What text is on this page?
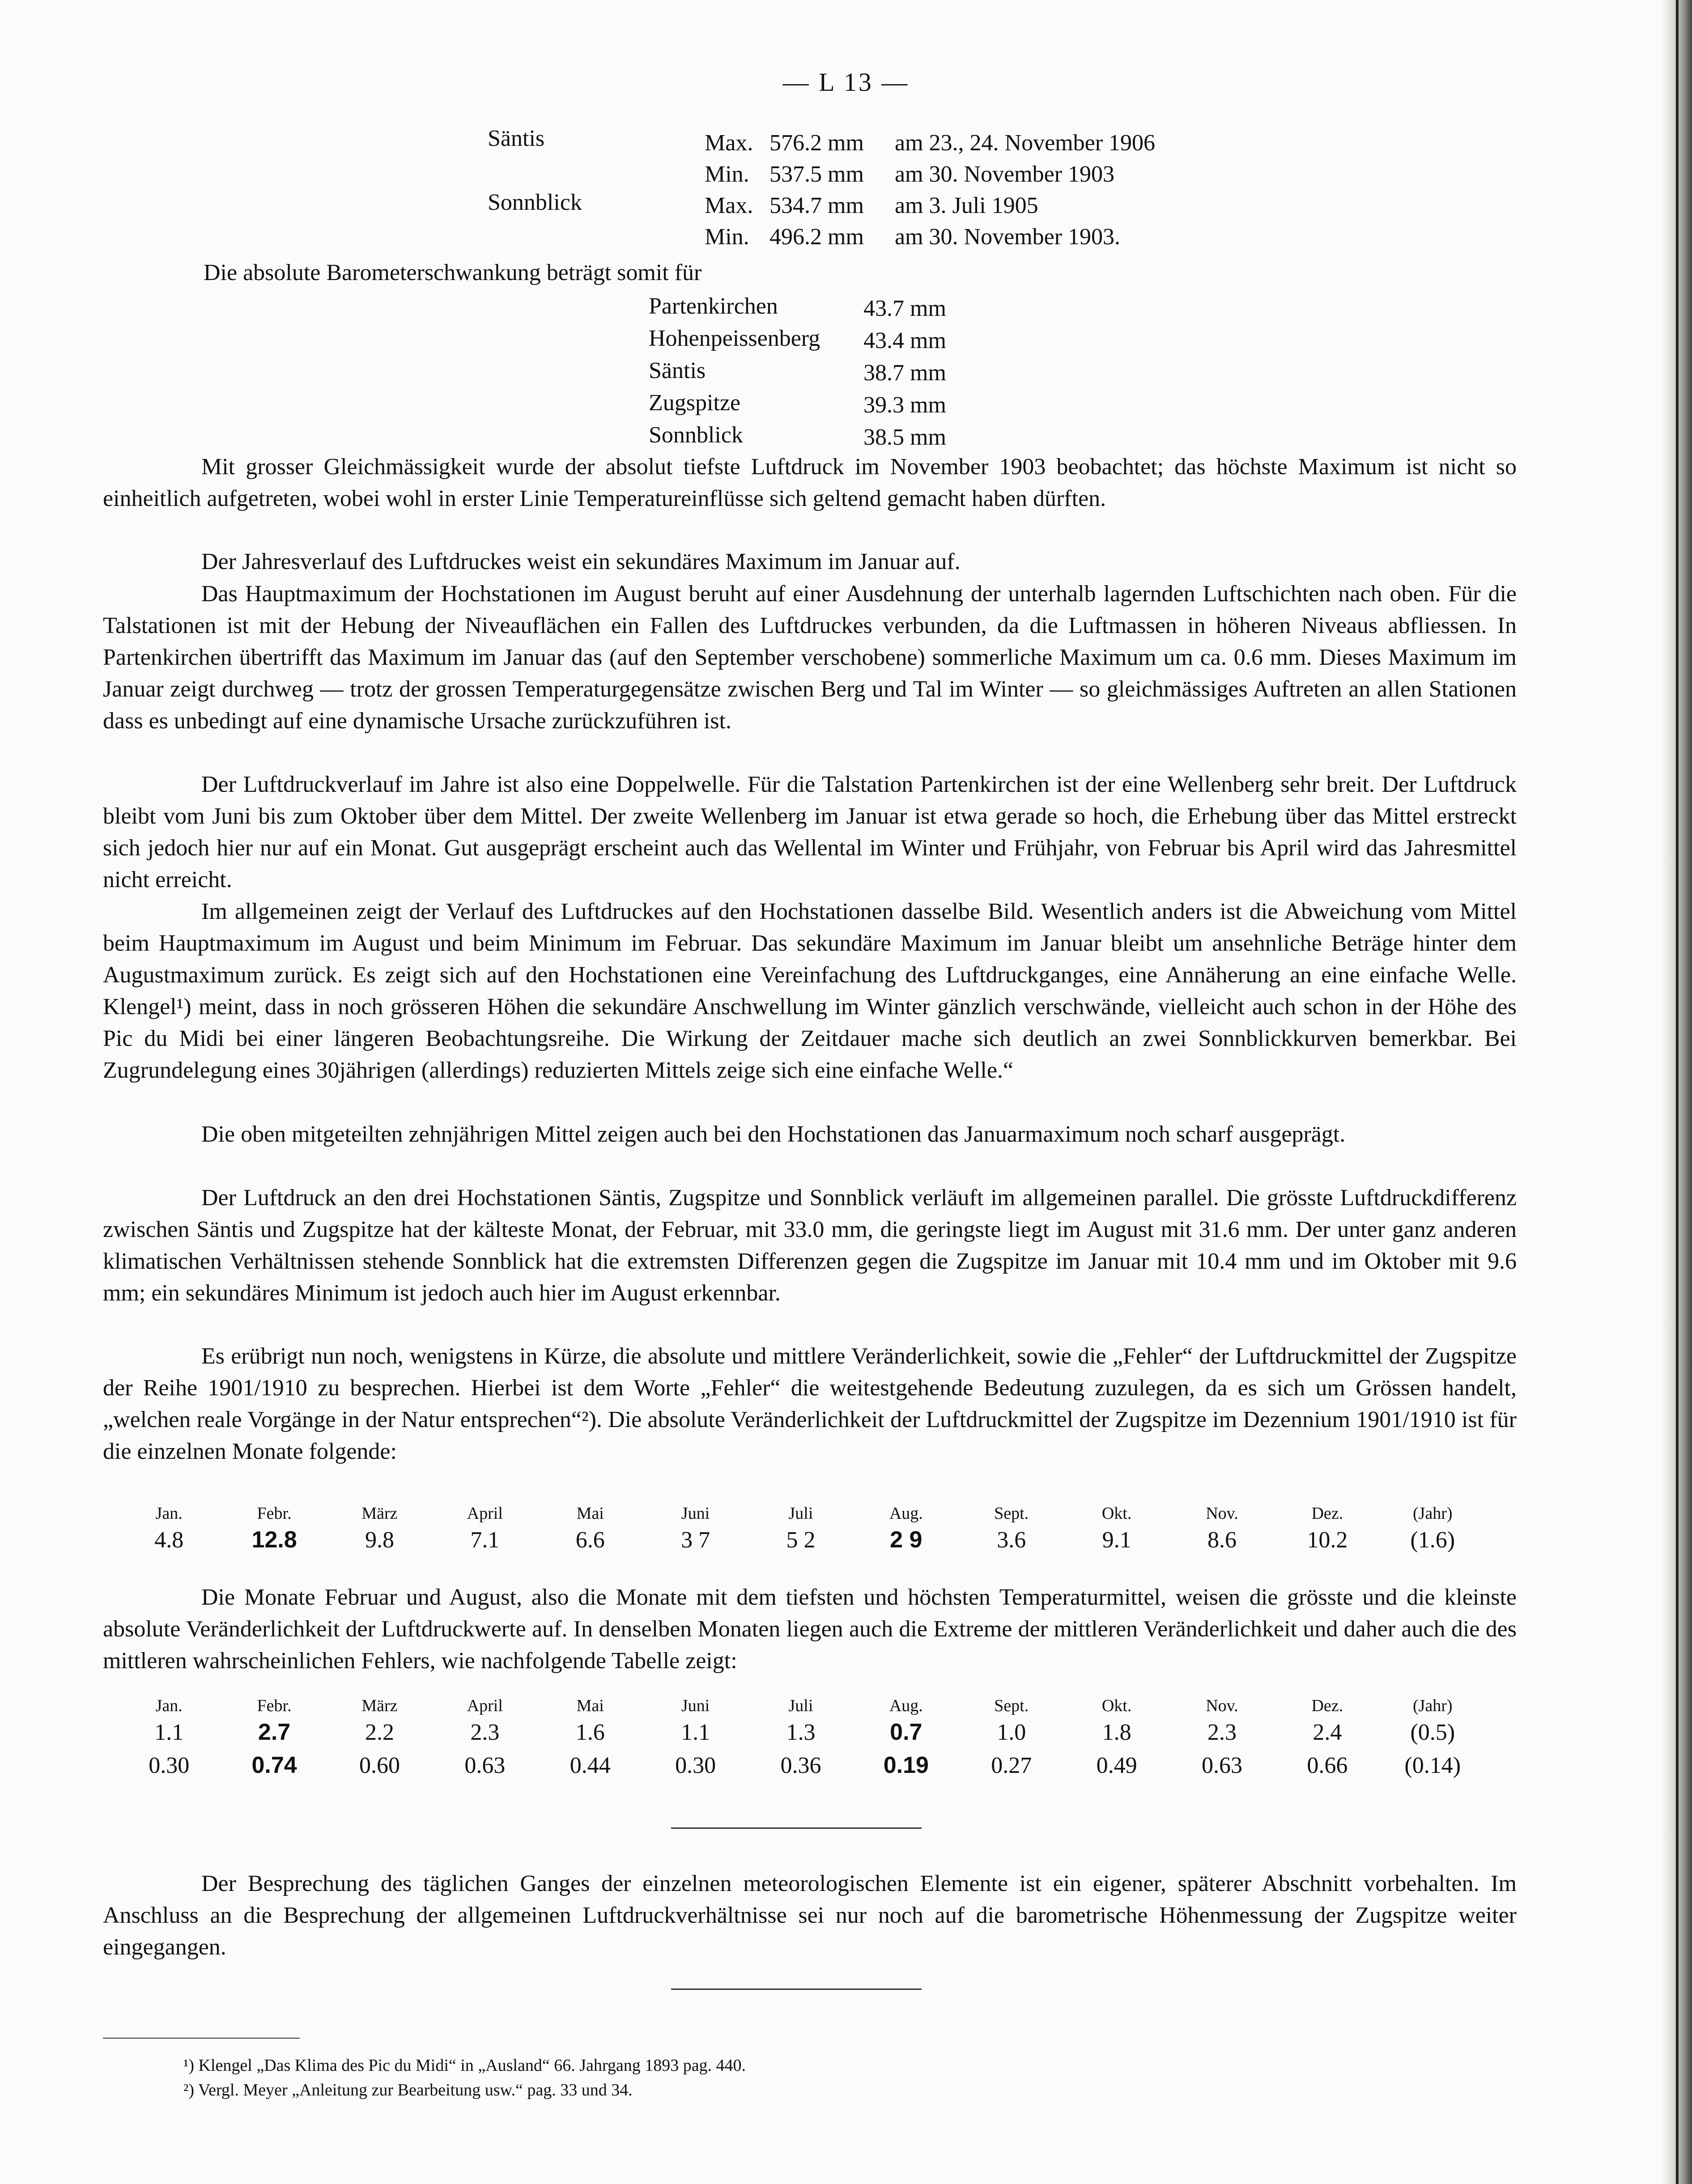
— L 13 —
Säntis	Max. 576.2 mm am 23., 24. November 1906
Min. 537.5 mm am 30. November 1903
Sonnblick	Max. 534.7 mm am 3. Juli 1905
Min. 496.2 mm am 30. November 1903.
Die absolute Barometerschwankung beträgt somit für
Partenkirchen	43.7 mm
Hohenpeissenberg 43.4 mm
Säntis	38.7 mm
Zugspitze	39.3 mm
Sonnblick	38.5 mm

Mit grosser Gleichmässigkeit wurde der absolut tiefste Luftdruck im November 1903 beobachtet; das höchste Maximum ist nicht so einheitlich aufgetreten, wobei wohl in erster Linie Temperatureinflüsse sich geltend gemacht haben dürften.

Der Jahresverlauf des Luftdruckes weist ein sekundäres Maximum im Januar auf.

Das Hauptmaximum der Hochstationen im August beruht auf einer Ausdehnung der unterhalb lagernden Luftschichten nach oben. Für die Talstationen ist mit der Hebung der Niveauflächen ein Fallen des Luftdruckes verbunden, da die Luftmassen in höheren Niveaus abfliessen. In Partenkirchen übertrifft das Maximum im Januar das (auf den September verschobene) sommerliche Maximum um ca. 0.6 mm. Dieses Maximum im Januar zeigt durchweg — trotz der grossen Temperaturgegensätze zwischen Berg und Tal im Winter — so gleichmässiges Auftreten an allen Stationen dass es unbedingt auf eine dynamische Ursache zurückzuführen ist.

Der Luftdruckverlauf im Jahre ist also eine Doppelwelle. Für die Talstation Partenkirchen ist der eine Wellenberg sehr breit. Der Luftdruck bleibt vom Juni bis zum Oktober über dem Mittel. Der zweite Wellenberg im Januar ist etwa gerade so hoch, die Erhebung über das Mittel erstreckt sich jedoch hier nur auf ein Monat. Gut ausgeprägt erscheint auch das Wellental im Winter und Frühjahr, von Februar bis April wird das Jahresmittel nicht erreicht.

Im allgemeinen zeigt der Verlauf des Luftdruckes auf den Hochstationen dasselbe Bild. Wesentlich anders ist die Abweichung vom Mittel beim Hauptmaximum im August und beim Minimum im Februar. Das sekundäre Maximum im Januar bleibt um ansehnliche Beträge hinter dem Augustmaximum zurück. Es zeigt sich auf den Hochstationen eine Vereinfachung des Luftdruckganges, eine Annäherung an eine einfache Welle. Klengel¹) meint, dass in noch grösseren Höhen die sekundäre Anschwellung im Winter gänzlich verschwände, vielleicht auch schon in der Höhe des Pic du Midi bei einer längeren Beobachtungsreihe. Die Wirkung der Zeitdauer mache sich deutlich an zwei Sonnblickkurven bemerkbar. Bei Zugrundelegung eines 30jährigen (allerdings) reduzierten Mittels zeige sich eine einfache Welle.“

Die oben mitgeteilten zehnjährigen Mittel zeigen auch bei den Hochstationen das Januarmaximum noch scharf ausgeprägt.

Der Luftdruck an den drei Hochstationen Säntis, Zugspitze und Sonnblick verläuft im allgemeinen parallel. Die grösste Luftdruckdifferenz zwischen Säntis und Zugspitze hat der kälteste Monat, der Februar, mit 33.0 mm, die geringste liegt im August mit 31.6 mm. Der unter ganz anderen klimatischen Verhältnissen stehende Sonnblick hat die extremsten Differenzen gegen die Zugspitze im Januar mit 10.4 mm und im Oktober mit 9.6 mm; ein sekundäres Minimum ist jedoch auch hier im August erkennbar.

Es erübrigt nun noch, wenigstens in Kürze, die absolute und mittlere Veränderlichkeit, sowie die „Fehler“ der Luftdruckmittel der Zugspitze der Reihe 1901/1910 zu besprechen. Hierbei ist dem Worte „Fehler“ die weitestgehende Bedeutung zuzulegen, da es sich um Grössen handelt, „welchen reale Vorgänge in der Natur entsprechen“²). Die absolute Veränderlichkeit der Luftdruckmittel der Zugspitze im Dezennium 1901/1910 ist für die einzelnen Monate folgende:

Jan.	Febr.	März	April	Mai	Juni	Juli	Aug.	Sept.	Okt.	Nov.	Dez.	(Jahr)
4.8	12.8	9.8	7.1	6.6	3 7	5 2	2 9	3.6	9.1	8.6	10.2	(1.6)

Die Monate Februar und August, also die Monate mit dem tiefsten und höchsten Temperaturmittel, weisen die grösste und die kleinste absolute Veränderlichkeit der Luftdruckwerte auf. In denselben Monaten liegen auch die Extreme der mittleren Veränderlichkeit und daher auch die des mittleren wahrscheinlichen Fehlers, wie nachfolgende Tabelle zeigt:

Jan.	Febr.	März	April	Mai	Juni	Juli	Aug.	Sept.	Okt.	Nov.	Dez.	(Jahr)
1.1	2.7	2.2	2.3	1.6	1.1	1.3	0.7	1.0	1.8	2.3	2.4	(0.5)
0.30	0.74	0.60	0.63	0.44	0.30	0.36	0.19	0.27	0.49	0.63	0.66	(0.14)

Der Besprechung des täglichen Ganges der einzelnen meteorologischen Elemente ist ein eigener, späterer Abschnitt vorbehalten. Im Anschluss an die Besprechung der allgemeinen Luftdruckverhältnisse sei nur noch auf die barometrische Höhenmessung der Zugspitze weiter eingegangen.

¹) Klengel „Das Klima des Pic du Midi“ in „Ausland“ 66. Jahrgang 1893 pag. 440.
²) Vergl. Meyer „Anleitung zur Bearbeitung usw.“ pag. 33 und 34.
